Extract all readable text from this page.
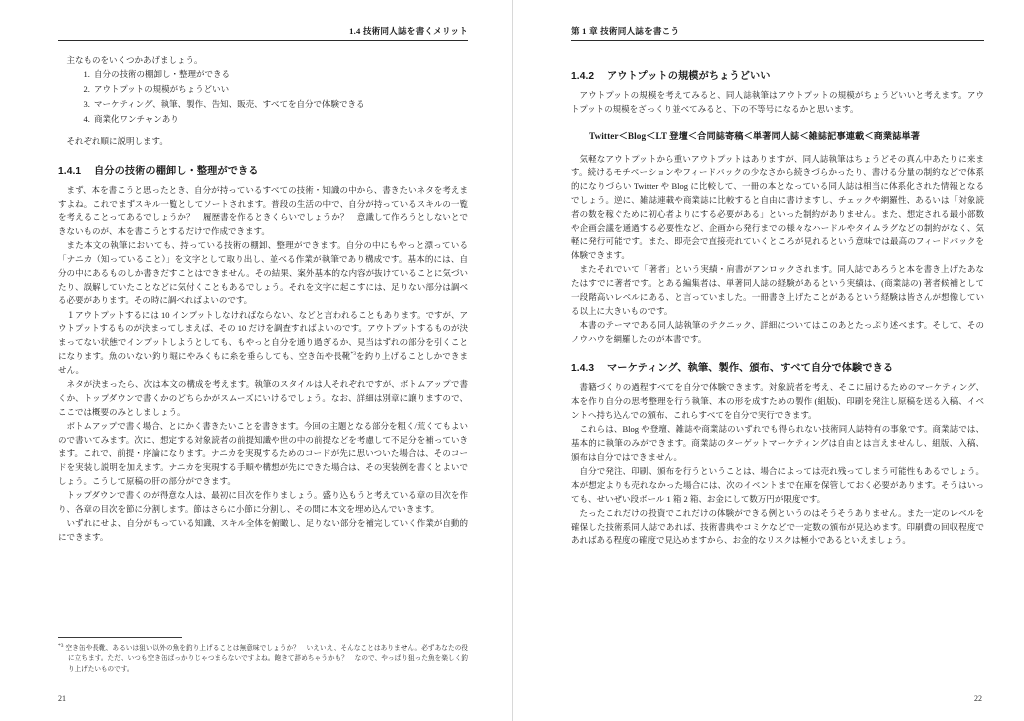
1.4 技術同人誌を書くメリット

主なものをいくつかあげましょう。

1. 自分の技術の棚卸し・整理ができる
2. アウトプットの規模がちょうどいい
3. マーケティング、執筆、製作、告知、販売、すべてを自分で体験できる
4. 商業化ワンチャンあり

それぞれ順に説明します。

1.4.1 自分の技術の棚卸し・整理ができる

まず、本を書こうと思ったとき、自分が持っているすべての技術・知識の中から、書きたいネタを考えますよね。これでまずスキル一覧としてソートされます。普段の生活の中で、自分が持っているスキルの一覧を考えることってあるでしょうか？　履歴書を作るときくらいでしょうか？　意識して作ろうとしないとできないものが、本を書こうとするだけで作成できます。

また本文の執筆においても、持っている技術の棚卸、整理ができます。自分の中にもやっと漂っている「ナニカ（知っていること）」を文字として取り出し、並べる作業が執筆であり構成です。基本的には、自分の中にあるものしか書きだすことはできません。その結果、案外基本的な内容が抜けていることに気づいたり、誤解していたことなどに気付くこともあるでしょう。それを文字に起こすには、足りない部分は調べる必要があります。その時に調べればよいのです。

１アウトプットするには 10 インプットしなければならない、などと言われることもあります。ですが、アウトプットするものが決まってしまえば、その 10 だけを調査すればよいのです。アウトプットするものが決まってない状態でインプットしようとしても、もやっと自分を通り過ぎるか、見当はずれの部分を引くことになります。魚のいない釣り堀にやみくもに糸を垂らしても、空き缶や長靴$^{*3}$を釣り上げることしかできません。

ネタが決まったら、次は本文の構成を考えます。執筆のスタイルは人それぞれですが、ボトムアップで書くか、トップダウンで書くかのどちらかがスムーズにいけるでしょう。なお、詳細は別章に譲りますので、ここでは概要のみとしましょう。

ボトムアップで書く場合、とにかく書きたいことを書きます。今回の主題となる部分を粗く/荒くてもよいので書いてみます。次に、想定する対象読者の前提知識や世の中の前提などを考慮して不足分を補っていきます。これで、前提・序論になります。ナニカを実現するためのコードが先に思いついた場合は、そのコードを実装し説明を加えます。ナニカを実現する手順や構想が先にできた場合は、その実装例を書くとよいでしょう。こうして原稿の肝の部分ができます。

トップダウンで書くのが得意な人は、最初に目次を作りましょう。盛り込もうと考えている章の目次を作り、各章の目次を節に分割します。節はさらに小節に分割し、その間に本文を埋め込んでいきます。

いずれにせよ、自分がもっている知識、スキル全体を俯瞰し、足りない部分を補完していく作業が自動的にできます。

$^{*3}$ 空き缶や長靴、あるいは狙い以外の魚を釣り上げることは無意味でしょうか？　いえいえ、そんなことはありません。必ずあなたの役に立ちます。ただ、いつも空き缶ばっかりじゃつまらないですよね。飽きて辞めちゃうかも？　なので、やっぱり狙った魚を楽しく釣り上げたいものです。
21
第 1 章 技術同人誌を書こう
1.4.2 アウトプットの規模がちょうどいい

アウトプットの規模を考えてみると、同人誌執筆はアウトプットの規模がちょうどいいと考えます。アウトプットの規模をざっくり並べてみると、下の不等号になるかと思います。

Twitter＜Blog＜LT 登壇＜合同誌寄稿＜単著同人誌＜雑誌記事連載＜商業誌単著

気軽なアウトプットから重いアウトプットはありますが、同人誌執筆はちょうどその真ん中あたりに来ます。続けるモチベーションやフィードバックの少なさから続きづらかったり、書ける分量の制約などで体系的になりづらい Twitter や Blog に比較して、一冊の本となっている同人誌は相当に体系化された情報となるでしょう。逆に、雑誌連載や商業誌に比較すると自由に書けますし、チェックや網羅性、あるいは「対象読者の数を稼ぐために初心者よりにする必要がある」といった制約がありません。また、想定される最小部数や企画会議を通過する必要性など、企画から発行までの様々なハードルやタイムラグなどの制約がなく、気軽に発行可能です。また、即売会で直接売れていくところが見れるという意味では最高のフィードバックを体験できます。

またそれでいて「著者」という実績・肩書がアンロックされます。同人誌であろうと本を書き上げたあなたはすでに著者です。とある編集者は、単著同人誌の経験があるという実績は、(商業誌の) 著者候補として一段階高いレベルにある、と言っていました。一冊書き上げたことがあるという経験は皆さんが想像している以上に大きいものです。

本書のテーマである同人誌執筆のテクニック、詳細についてはこのあとたっぷり述べます。そして、そのノウハウを網羅したのが本書です。

1.4.3 マーケティング、執筆、製作、頒布、すべて自分で体験できる

書籍づくりの過程すべてを自分で体験できます。対象読者を考え、そこに届けるためのマーケティング、本を作り自分の思考整理を行う執筆、本の形を成すための製作 (組版)、印刷を発注し原稿を送る入稿、イベントへ持ち込んでの頒布、これらすべてを自分で実行できます。

これらは、Blog や登壇、雑誌や商業誌のいずれでも得られない技術同人誌特有の事象です。商業誌では、基本的に執筆のみができます。商業誌のターゲットマーケティングは自由とは言えませんし、組版、入稿、頒布は自分ではできません。

自分で発注、印刷、頒布を行うということは、場合によっては売れ残ってしまう可能性もあるでしょう。本が想定よりも売れなかった場合には、次のイベントまで在庫を保管しておく必要があります。そうはいっても、せいぜい段ボール 1 箱 2 箱、お金にして数万円が限度です。

たったこれだけの投資でこれだけの体験ができる例というのはそうそうありません。また一定のレベルを確保した技術系同人誌であれば、技術書典やコミケなどで一定数の頒布が見込めます。印刷費の回収程度であればある程度の確度で見込めますから、お金的なリスクは極小であるといえましょう。

22
